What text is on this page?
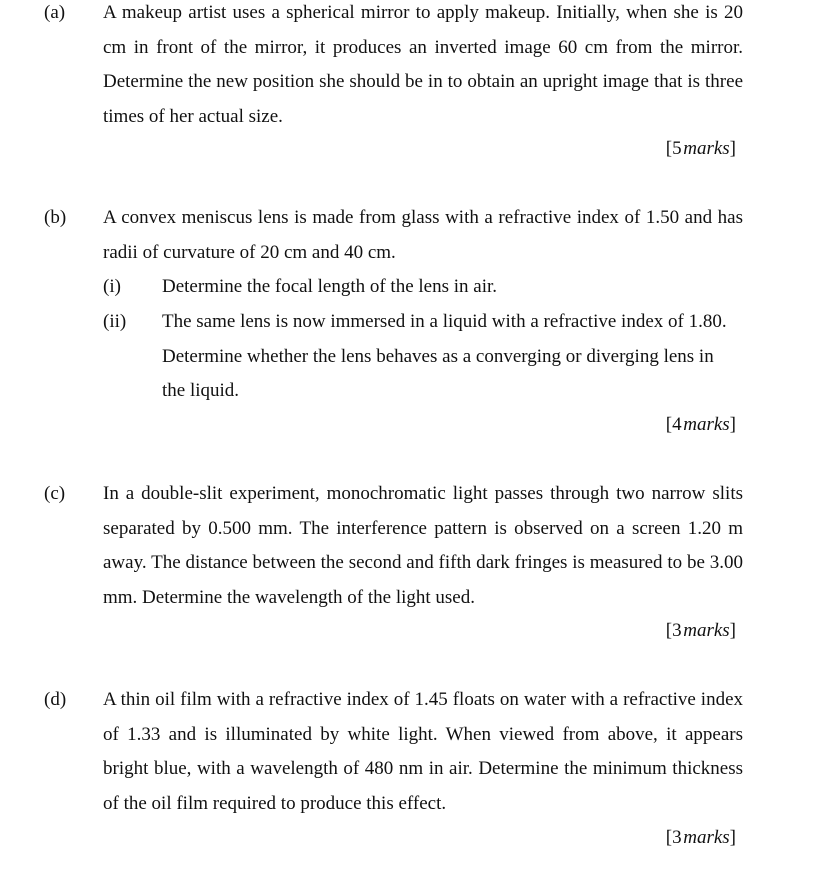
(a) A makeup artist uses a spherical mirror to apply makeup. Initially, when she is 20 cm in front of the mirror, it produces an inverted image 60 cm from the mirror. Determine the new position she should be in to obtain an upright image that is three times of her actual size.

[5 marks]
(b) A convex meniscus lens is made from glass with a refractive index of 1.50 and has radii of curvature of 20 cm and 40 cm.

(i) Determine the focal length of the lens in air.

(ii) The same lens is now immersed in a liquid with a refractive index of 1.80. Determine whether the lens behaves as a converging or diverging lens in the liquid.

[4 marks]
(c) In a double-slit experiment, monochromatic light passes through two narrow slits separated by 0.500 mm. The interference pattern is observed on a screen 1.20 m away. The distance between the second and fifth dark fringes is measured to be 3.00 mm. Determine the wavelength of the light used.

[3 marks]
(d) A thin oil film with a refractive index of 1.45 floats on water with a refractive index of 1.33 and is illuminated by white light. When viewed from above, it appears bright blue, with a wavelength of 480 nm in air. Determine the minimum thickness of the oil film required to produce this effect.

[3 marks]
